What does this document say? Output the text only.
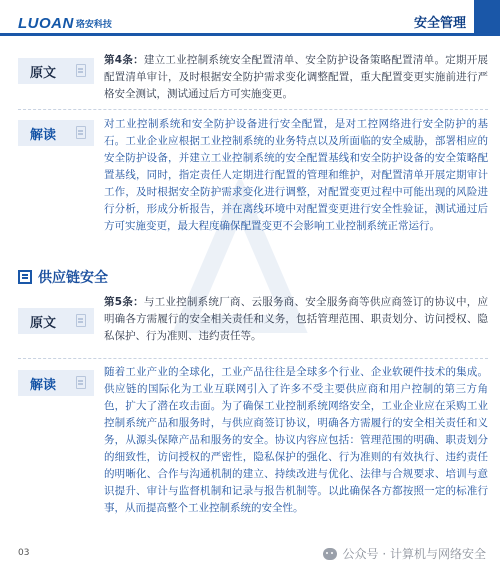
LUOAN 珞安科技	安全管理
原文

第4条：建立工业控制系统安全配置清单、安全防护设备策略配置清单。定期开展配置清单审计，及时根据安全防护需求变化调整配置，重大配置变更实施前进行严格安全测试，测试通过后方可实施变更。

解读

对工业控制系统和安全防护设备进行安全配置，是对工控网络进行安全防护的基石。工业企业应根据工业控制系统的业务特点以及所面临的安全威胁，部署相应的安全防护设备，并建立工业控制系统的安全配置基线和安全防护设备的安全策略配置基线，同时，指定责任人定期进行配置的管理和维护，对配置清单开展定期审计工作，及时根据安全防护需求变化进行调整，对配置变更过程中可能出现的风险进行分析，形成分析报告，并在离线环境中对配置变更进行安全性验证，测试通过后方可实施变更，最大程度确保配置变更不会影响工业控制系统正常运行。

供应链安全
原文

第5条：与工业控制系统厂商、云服务商、安全服务商等供应商签订的协议中，应明确各方需履行的安全相关责任和义务，包括管理范围、职责划分、访问授权、隐私保护、行为准则、违约责任等。

解读

随着工业产业的全球化，工业产品往往是全球多个行业、企业软硬件技术的集成。供应链的国际化为工业互联网引入了许多不受主要供应商和用户控制的第三方角色，扩大了潜在攻击面。为了确保工业控制系统网络安全，工业企业应在采购工业控制系统产品和服务时，与供应商签订协议，明确各方需履行的安全相关责任和义务，从源头保障产品和服务的安全。协议内容应包括：管理范围的明确、职责划分的细致性，访问授权的严密性，隐私保护的强化、行为准则的有效执行、违约责任的明晰化、合作与沟通机制的建立、持续改进与优化、法律与合规要求、培训与意识提升、审计与监督机制和记录与报告机制等。以此确保各方都按照一定的标准行事，从而提高整个工业控制系统的安全性。

03	公众号 · 计算机与网络安全
